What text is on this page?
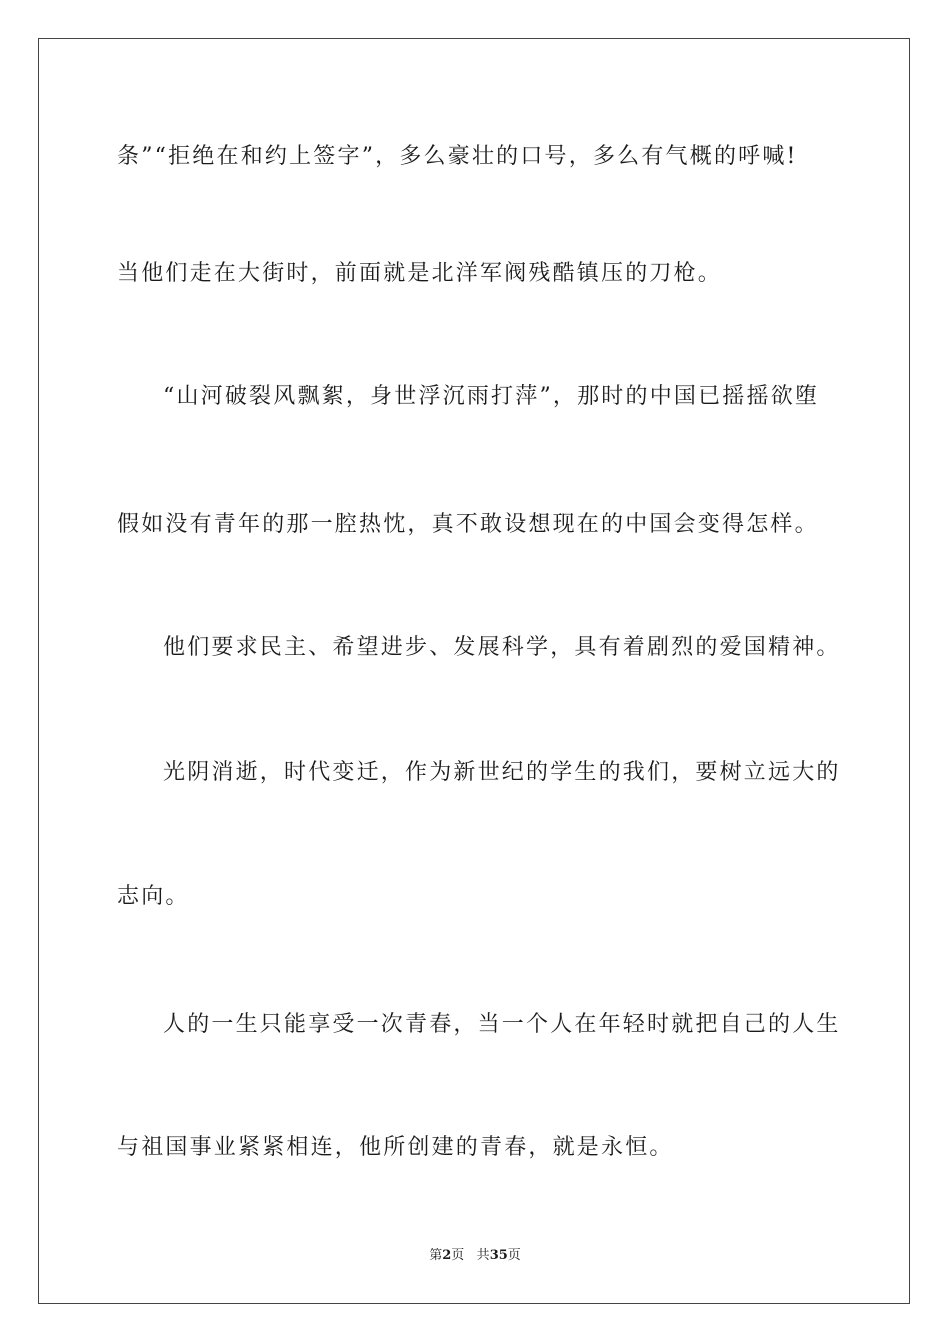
条”“拒绝在和约上签字”，多么豪壮的口号，多么有气概的呼喊!
当他们走在大街时，前面就是北洋军阀残酷镇压的刀枪。
“山河破裂风飘絮，身世浮沉雨打萍”，那时的中国已摇摇欲堕
假如没有青年的那一腔热忱，真不敢设想现在的中国会变得怎样。
他们要求民主、希望进步、发展科学，具有着剧烈的爱国精神。
光阴消逝，时代变迁，作为新世纪的学生的我们，要树立远大的
志向。
人的一生只能享受一次青春，当一个人在年轻时就把自己的人生
与祖国事业紧紧相连，他所创建的青春，就是永恒。
第2页 共35页
